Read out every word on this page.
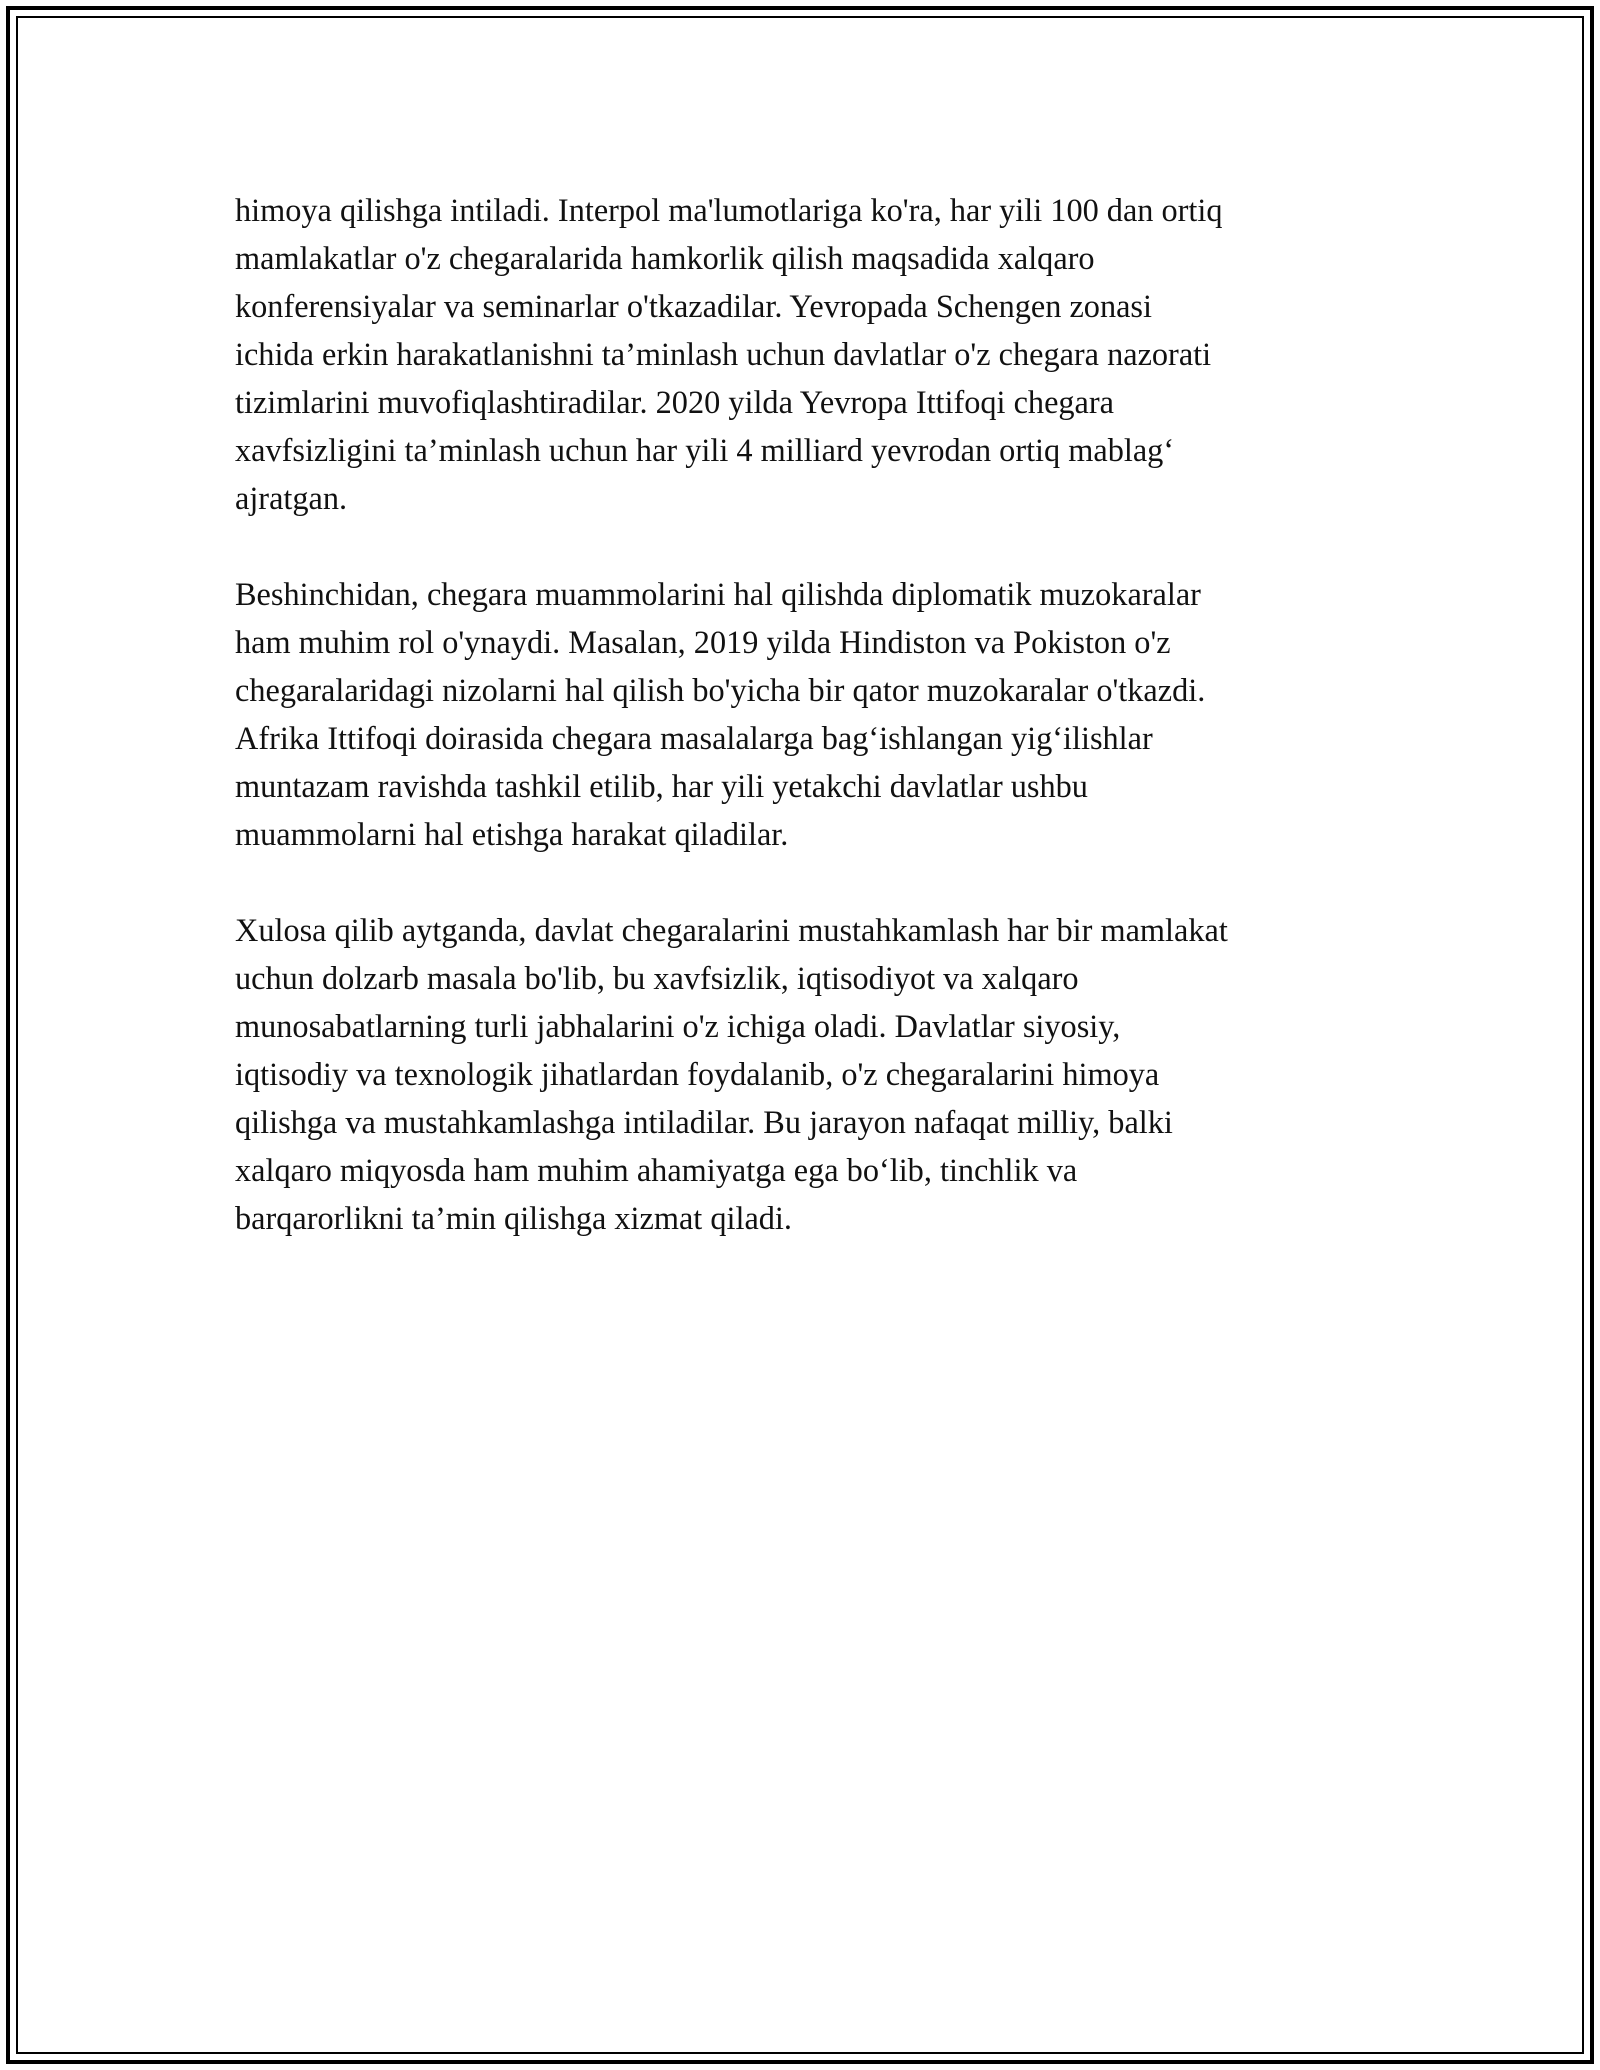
himoya qilishga intiladi. Interpol ma'lumotlariga ko'ra, har yili 100 dan ortiq
mamlakatlar o'z chegaralarida hamkorlik qilish maqsadida xalqaro
konferensiyalar va seminarlar o'tkazadilar. Yevropada Schengen zonasi
ichida erkin harakatlanishni ta’minlash uchun davlatlar o'z chegara nazorati
tizimlarini muvofiqlashtiradilar. 2020 yilda Yevropa Ittifoqi chegara
xavfsizligini ta’minlash uchun har yili 4 milliard yevrodan ortiq mablag‘
ajratgan.

Beshinchidan, chegara muammolarini hal qilishda diplomatik muzokaralar
ham muhim rol o'ynaydi. Masalan, 2019 yilda Hindiston va Pokiston o'z
chegaralaridagi nizolarni hal qilish bo'yicha bir qator muzokaralar o'tkazdi.
Afrika Ittifoqi doirasida chegara masalalarga bag‘ishlangan yig‘ilishlar
muntazam ravishda tashkil etilib, har yili yetakchi davlatlar ushbu
muammolarni hal etishga harakat qiladilar.

Xulosa qilib aytganda, davlat chegaralarini mustahkamlash har bir mamlakat
uchun dolzarb masala bo'lib, bu xavfsizlik, iqtisodiyot va xalqaro
munosabatlarning turli jabhalarini o'z ichiga oladi. Davlatlar siyosiy,
iqtisodiy va texnologik jihatlardan foydalanib, o'z chegaralarini himoya
qilishga va mustahkamlashga intiladilar. Bu jarayon nafaqat milliy, balki
xalqaro miqyosda ham muhim ahamiyatga ega bo‘lib, tinchlik va
barqarorlikni ta’min qilishga xizmat qiladi.
